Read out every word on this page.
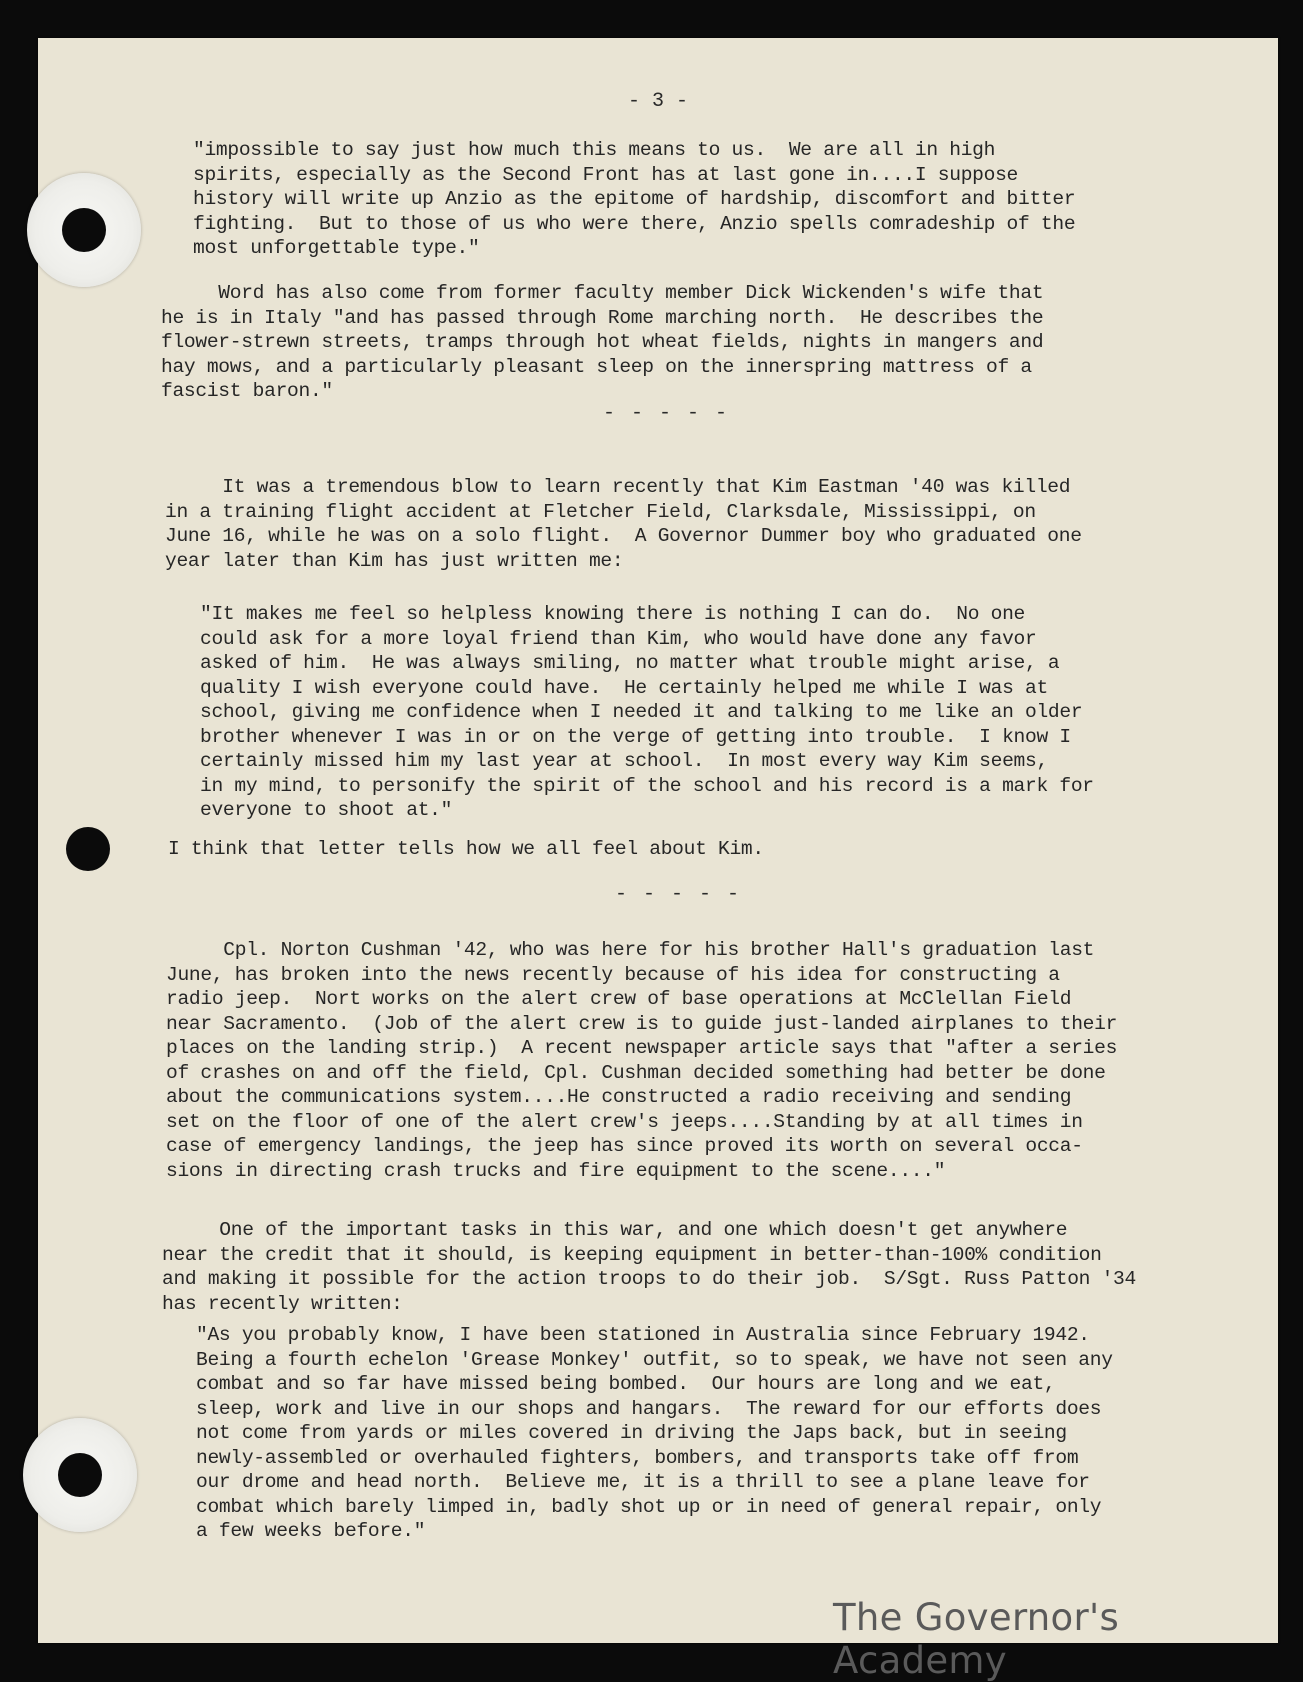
- 3 -
"impossible to say just how much this means to us.  We are all in high
spirits, especially as the Second Front has at last gone in....I suppose
history will write up Anzio as the epitome of hardship, discomfort and bitter
fighting.  But to those of us who were there, Anzio spells comradeship of the
most unforgettable type."
Word has also come from former faculty member Dick Wickenden's wife that
he is in Italy "and has passed through Rome marching north.  He describes the
flower-strewn streets, tramps through hot wheat fields, nights in mangers and
hay mows, and a particularly pleasant sleep on the innerspring mattress of a
fascist baron."
- - - - -
It was a tremendous blow to learn recently that Kim Eastman '40 was killed
in a training flight accident at Fletcher Field, Clarksdale, Mississippi, on
June 16, while he was on a solo flight.  A Governor Dummer boy who graduated one
year later than Kim has just written me:
"It makes me feel so helpless knowing there is nothing I can do.  No one
could ask for a more loyal friend than Kim, who would have done any favor
asked of him.  He was always smiling, no matter what trouble might arise, a
quality I wish everyone could have.  He certainly helped me while I was at
school, giving me confidence when I needed it and talking to me like an older
brother whenever I was in or on the verge of getting into trouble.  I know I
certainly missed him my last year at school.  In most every way Kim seems,
in my mind, to personify the spirit of the school and his record is a mark for
everyone to shoot at."
I think that letter tells how we all feel about Kim.
- - - - -
Cpl. Norton Cushman '42, who was here for his brother Hall's graduation last
June, has broken into the news recently because of his idea for constructing a
radio jeep.  Nort works on the alert crew of base operations at McClellan Field
near Sacramento.  (Job of the alert crew is to guide just-landed airplanes to their
places on the landing strip.)  A recent newspaper article says that "after a series
of crashes on and off the field, Cpl. Cushman decided something had better be done
about the communications system....He constructed a radio receiving and sending
set on the floor of one of the alert crew's jeeps....Standing by at all times in
case of emergency landings, the jeep has since proved its worth on several occa-
sions in directing crash trucks and fire equipment to the scene...."
One of the important tasks in this war, and one which doesn't get anywhere
near the credit that it should, is keeping equipment in better-than-100% condition
and making it possible for the action troops to do their job.  S/Sgt. Russ Patton '34
has recently written:
"As you probably know, I have been stationed in Australia since February 1942.
Being a fourth echelon 'Grease Monkey' outfit, so to speak, we have not seen any
combat and so far have missed being bombed.  Our hours are long and we eat,
sleep, work and live in our shops and hangars.  The reward for our efforts does
not come from yards or miles covered in driving the Japs back, but in seeing
newly-assembled or overhauled fighters, bombers, and transports take off from
our drome and head north.  Believe me, it is a thrill to see a plane leave for
combat which barely limped in, badly shot up or in need of general repair, only
a few weeks before."
The Governor's Academy
